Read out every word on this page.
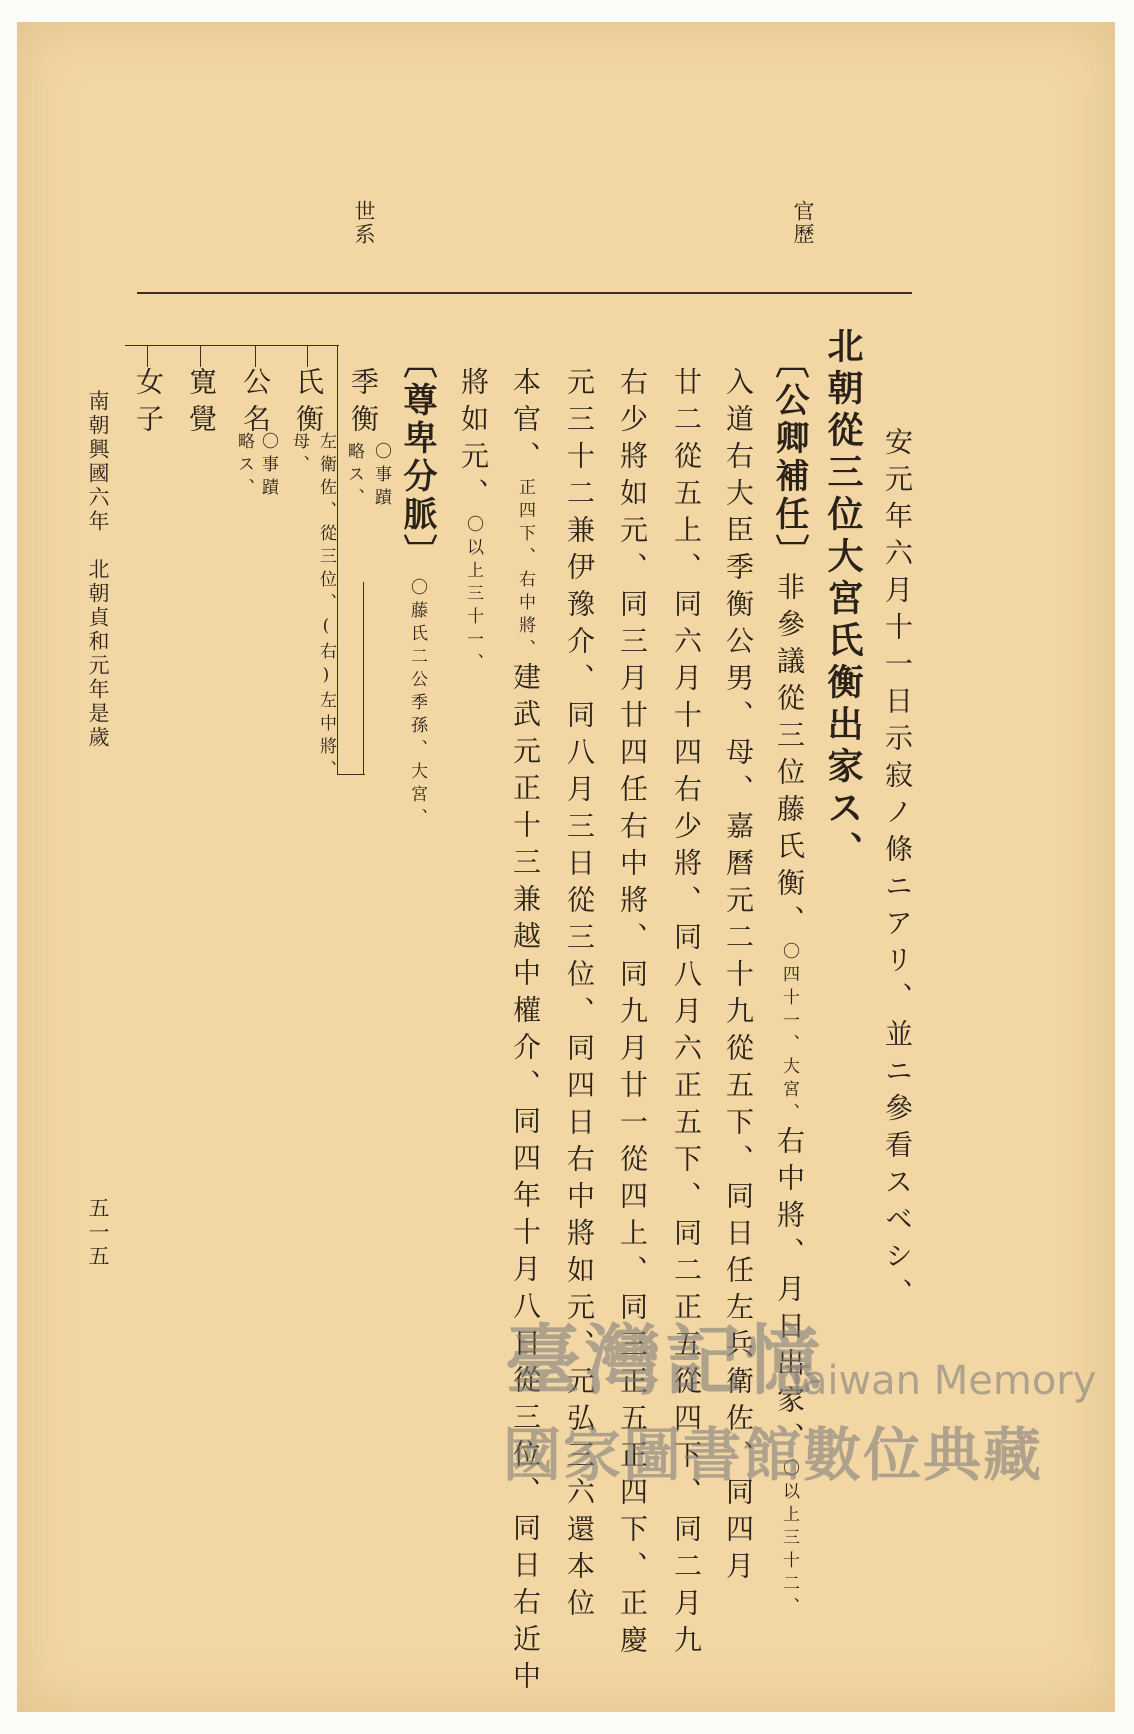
官歷
世系
安元年六月十一日示寂ノ條ニアリ、並ニ參看スベシ、
北朝從三位大宮氏衡出家ス、
〔公卿補任〕非參議從三位藤氏衡、〇四十一、大宮、右中將、月日出家、〇以上三十二、
入道右大臣季衡公男、母、嘉曆元二十九從五下、同日任左兵衛佐、同四月
廿二從五上、同六月十四右少將、同八月六正五下、同二正五從四下、同二月九
右少將如元、同三月廿四任右中將、同九月廿一從四上、同三正五正四下、正慶
元三十二兼伊豫介、同八月三日從三位、同四日右中將如元、元弘三六還本位
本官、正四下、右中將、建武元正十三兼越中權介、同四年十月八日從三位、同日右近中
將如元、〇以上三十一、
〔尊卑分脈〕〇藤氏二公季孫、大宮、
季衡
〇事蹟
略ス、
氏衡
左衛佐、從三位、(右)左中將、
母、
公名
〇事蹟
略ス、
寛覺
女子
南朝興國六年　北朝貞和元年是歲
五一五
臺灣記憶
Taiwan Memory
國家圖書館數位典藏
